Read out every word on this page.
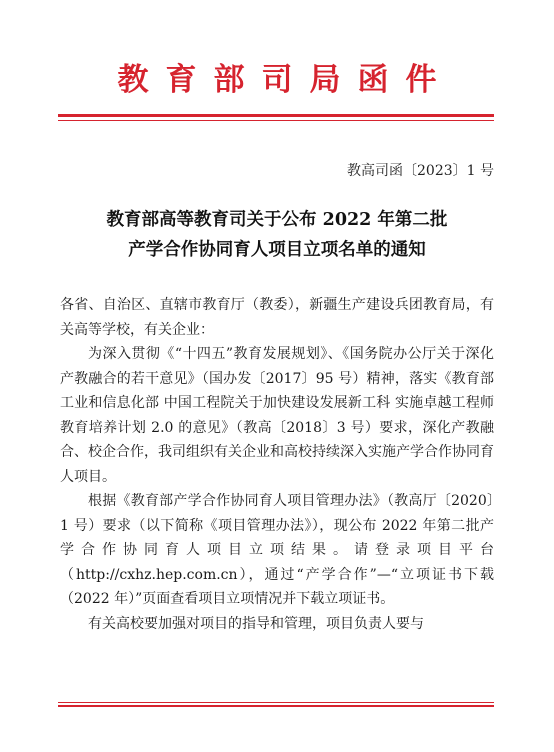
教育部司局函件
教高司函〔2023〕1 号
教育部高等教育司关于公布 2022 年第二批
产学合作协同育人项目立项名单的通知

各省、自治区、直辖市教育厅（教委），新疆生产建设兵团教育局，有关高等学校，有关企业：

为深入贯彻《“十四五”教育发展规划》、《国务院办公厅关于深化产教融合的若干意见》（国办发〔2017〕95 号）精神，落实《教育部 工业和信息化部 中国工程院关于加快建设发展新工科 实施卓越工程师教育培养计划 2.0 的意见》（教高〔2018〕3 号）要求，深化产教融合、校企合作，我司组织有关企业和高校持续深入实施产学合作协同育人项目。

根据《教育部产学合作协同育人项目管理办法》（教高厅〔2020〕1 号）要求（以下简称《项目管理办法》），现公布 2022 年第二批产学合作协同育人项目立项结果。请登录项目平台（http://cxhz.hep.com.cn），通过“产学合作”—“立项证书下载（2022 年）”页面查看项目立项情况并下载立项证书。

有关高校要加强对项目的指导和管理，项目负责人要与
